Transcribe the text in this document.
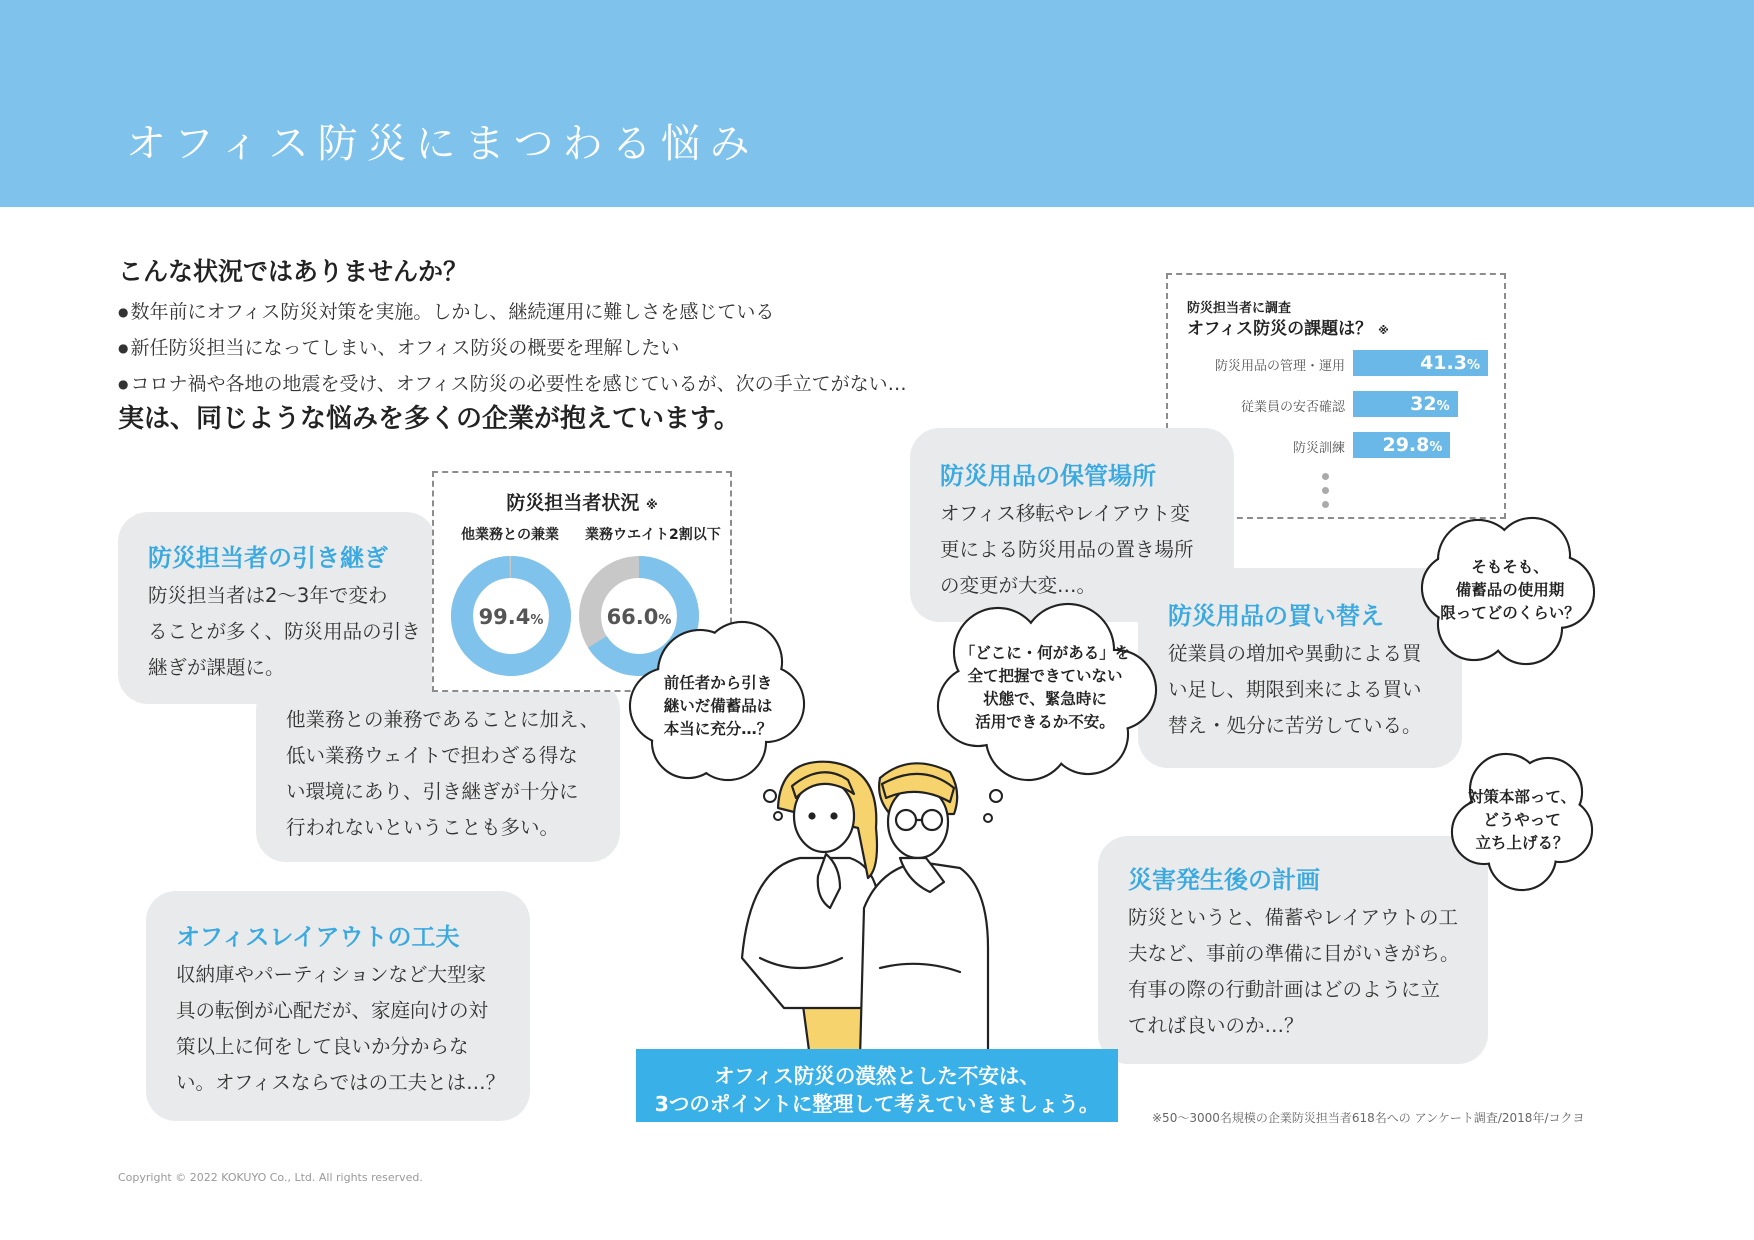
オフィス防災にまつわる悩み
こんな状況ではありませんか？
● 数年前にオフィス防災対策を実施。しかし、継続運用に難しさを感じている
● 新任防災担当になってしまい、オフィス防災の概要を理解したい
● コロナ禍や各地の地震を受け、オフィス防災の必要性を感じているが、次の手立てがない…
実は、同じような悩みを多くの企業が抱えています。
防災担当者に調査
オフィス防災の課題は？ ※
防災用品の管理・運用	41.3%
従業員の安否確認	32%
防災訓練 29.8%
他業務との兼務であることに加え、
低い業務ウェイトで担わざる得な
い環境にあり、引き継ぎが十分に
行われないということも多い。
防災担当者の引き継ぎ
防災担当者は2〜3年で変わ
ることが多く、防災用品の引き
継ぎが課題に。
防災担当者状況 ※
他業務との兼業 業務ウエイト2割以下
99.4%	66.0%
オフィスレイアウトの工夫
収納庫やパーティションなど大型家
具の転倒が心配だが、家庭向けの対
策以上に何をして良いか分からな
い。オフィスならではの工夫とは…？
防災用品の保管場所
オフィス移転やレイアウト変
更による防災用品の置き場所
の変更が大変…。
防災用品の買い替え
従業員の増加や異動による買
い足し、期限到来による買い
替え・処分に苦労している。
災害発生後の計画
防災というと、備蓄やレイアウトの工
夫など、事前の準備に目がいきがち。
有事の際の行動計画はどのように立
てれば良いのか…？
前任者から引き
継いだ備蓄品は
本当に充分…？
「どこに・何がある」を
全て把握できていない
状態で、緊急時に
活用できるか不安。
そもそも、
備蓄品の使用期
限ってどのくらい？
対策本部って、
どうやって
立ち上げる？
オフィス防災の漠然とした不安は、
3つのポイントに整理して考えていきましょう。
※50〜3000名規模の企業防災担当者618名への アンケート調査/2018年/コクヨ
Copyright © 2022 KOKUYO Co., Ltd. All rights reserved.
